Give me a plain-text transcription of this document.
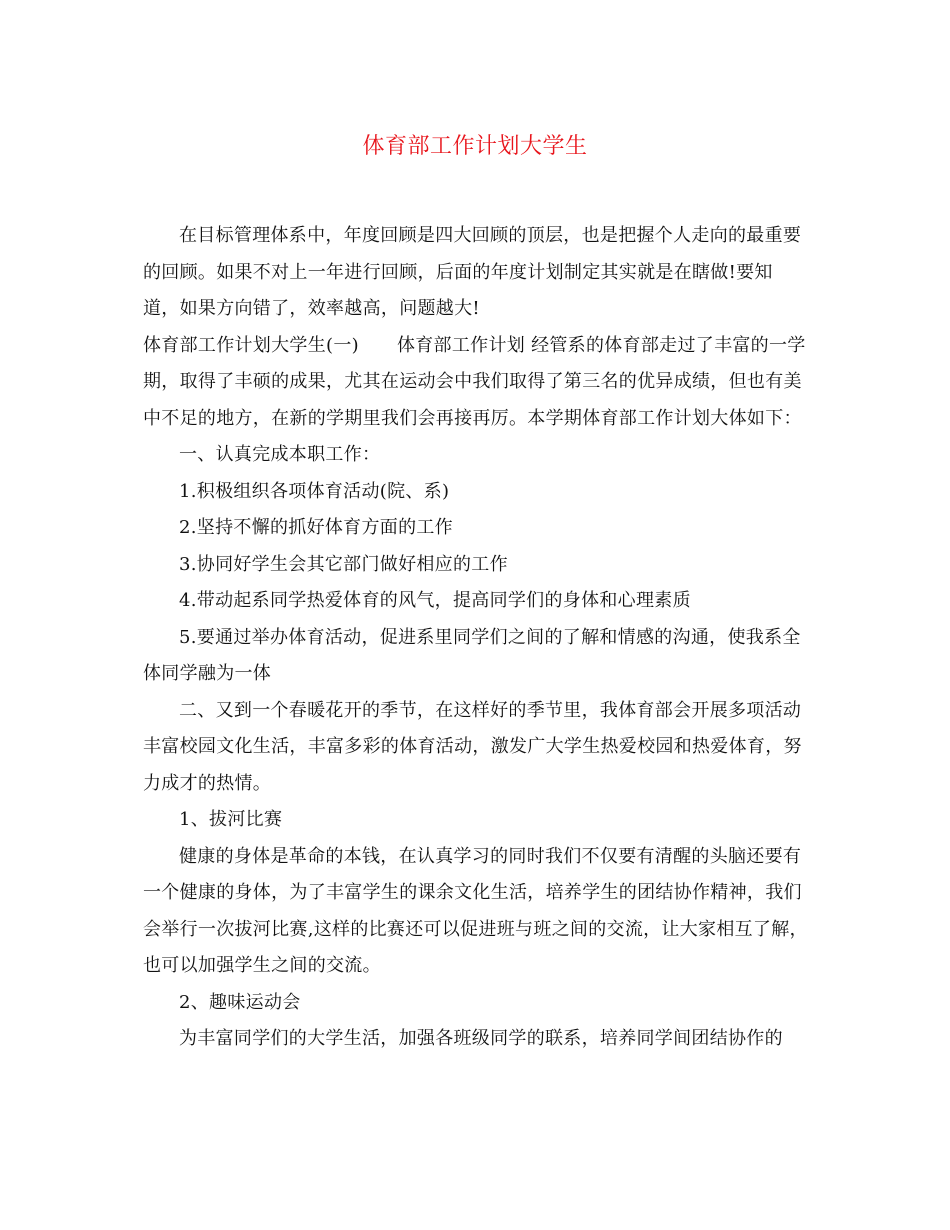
体育部工作计划大学生

在目标管理体系中，年度回顾是四大回顾的顶层，也是把握个人走向的最重要的回顾。如果不对上一年进行回顾，后面的年度计划制定其实就是在瞎做!要知道，如果方向错了，效率越高，问题越大!

体育部工作计划大学生(一) 体育部工作计划 经管系的体育部走过了丰富的一学期，取得了丰硕的成果，尤其在运动会中我们取得了第三名的优异成绩，但也有美中不足的地方，在新的学期里我们会再接再厉。本学期体育部工作计划大体如下：

一、认真完成本职工作：

1.积极组织各项体育活动(院、系)

2.坚持不懈的抓好体育方面的工作

3.协同好学生会其它部门做好相应的工作

4.带动起系同学热爱体育的风气，提高同学们的身体和心理素质

5.要通过举办体育活动，促进系里同学们之间的了解和情感的沟通，使我系全体同学融为一体

二、又到一个春暖花开的季节，在这样好的季节里，我体育部会开展多项活动丰富校园文化生活，丰富多彩的体育活动，激发广大学生热爱校园和热爱体育，努力成才的热情。

1、拔河比赛

健康的身体是革命的本钱，在认真学习的同时我们不仅要有清醒的头脑还要有一个健康的身体，为了丰富学生的课余文化生活，培养学生的团结协作精神，我们会举行一次拔河比赛,这样的比赛还可以促进班与班之间的交流，让大家相互了解，也可以加强学生之间的交流。

2、趣味运动会

为丰富同学们的大学生活，加强各班级同学的联系，培养同学间团结协作的
